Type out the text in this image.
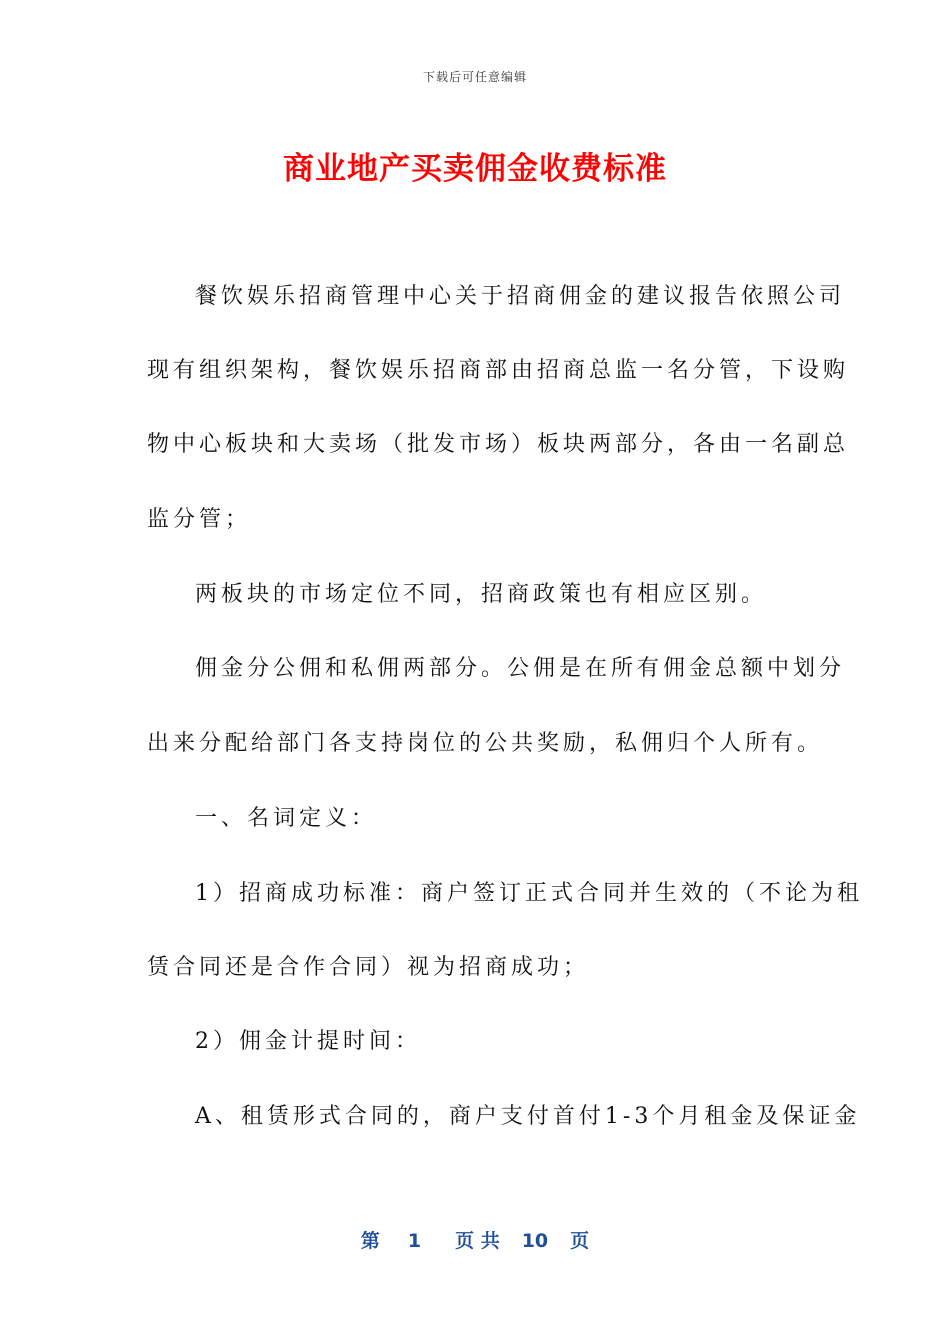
下载后可任意编辑
商业地产买卖佣金收费标准
餐饮娱乐招商管理中心关于招商佣金的建议报告依照公司
现有组织架构，餐饮娱乐招商部由招商总监一名分管，下设购
物中心板块和大卖场（批发市场）板块两部分，各由一名副总
监分管；
两板块的市场定位不同，招商政策也有相应区别。
佣金分公佣和私佣两部分。公佣是在所有佣金总额中划分
出来分配给部门各支持岗位的公共奖励，私佣归个人所有。
一、名词定义：
1）招商成功标准：商户签订正式合同并生效的（不论为租
赁合同还是合作合同）视为招商成功；
2）佣金计提时间：
A、租赁形式合同的，商户支付首付1-3个月租金及保证金
第 1 页 共 10 页
